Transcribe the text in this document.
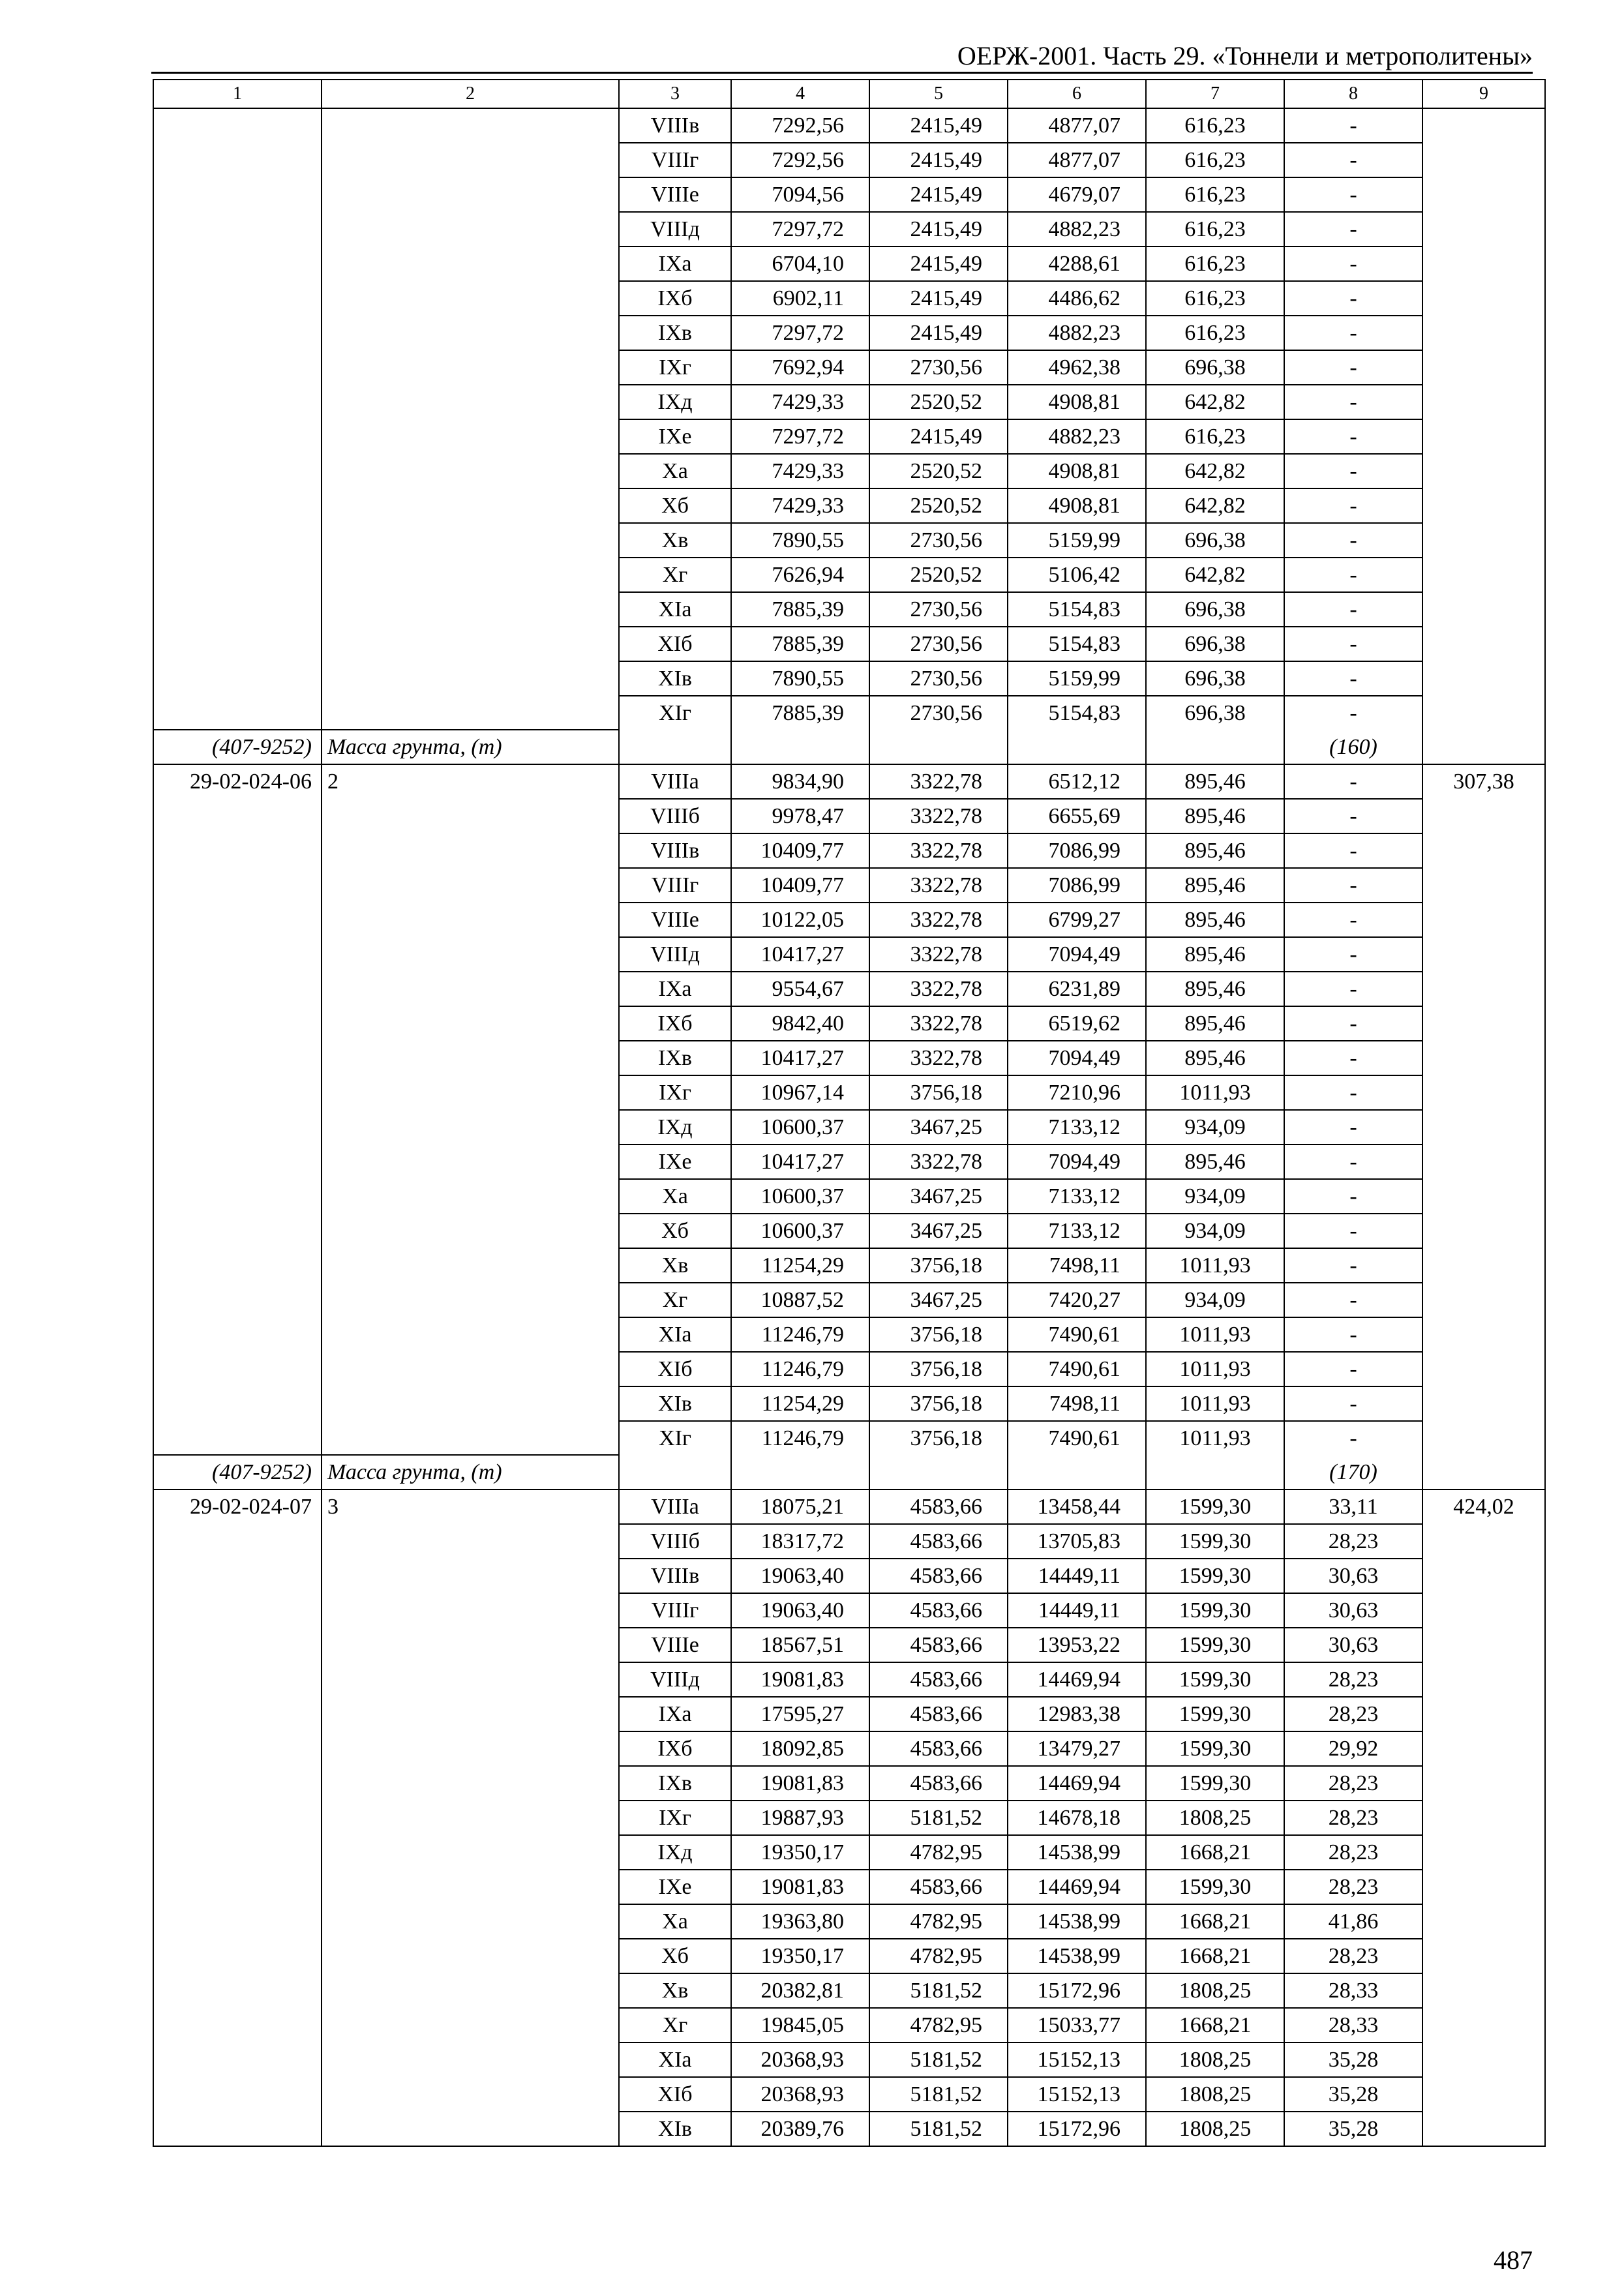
ОЕРЖ-2001. Часть 29. «Тоннели и метрополитены»
1	2	3	4	5	6	7	8	9
		VIIIв	7292,56	2415,49	4877,07	616,23	-	
		VIIIг	7292,56	2415,49	4877,07	616,23	-	
		VIIIе	7094,56	2415,49	4679,07	616,23	-	
		VIIIд	7297,72	2415,49	4882,23	616,23	-	
		IXа	6704,10	2415,49	4288,61	616,23	-	
		IXб	6902,11	2415,49	4486,62	616,23	-	
		IXв	7297,72	2415,49	4882,23	616,23	-	
		IXг	7692,94	2730,56	4962,38	696,38	-	
		IXд	7429,33	2520,52	4908,81	642,82	-	
		IXе	7297,72	2415,49	4882,23	616,23	-	
		Xа	7429,33	2520,52	4908,81	642,82	-	
		Xб	7429,33	2520,52	4908,81	642,82	-	
		Xв	7890,55	2730,56	5159,99	696,38	-	
		Xг	7626,94	2520,52	5106,42	642,82	-	
		XIа	7885,39	2730,56	5154,83	696,38	-	
		XIб	7885,39	2730,56	5154,83	696,38	-	
		XIв	7890,55	2730,56	5159,99	696,38	-	
		XIг	7885,39	2730,56	5154,83	696,38	-	
(407-9252)	Масса грунта, (т)						(160)	
29-02-024-06	2	VIIIа	9834,90	3322,78	6512,12	895,46	-	307,38
		VIIIб	9978,47	3322,78	6655,69	895,46	-	
		VIIIв	10409,77	3322,78	7086,99	895,46	-	
		VIIIг	10409,77	3322,78	7086,99	895,46	-	
		VIIIе	10122,05	3322,78	6799,27	895,46	-	
		VIIIд	10417,27	3322,78	7094,49	895,46	-	
		IXа	9554,67	3322,78	6231,89	895,46	-	
		IXб	9842,40	3322,78	6519,62	895,46	-	
		IXв	10417,27	3322,78	7094,49	895,46	-	
		IXг	10967,14	3756,18	7210,96	1011,93	-	
		IXд	10600,37	3467,25	7133,12	934,09	-	
		IXе	10417,27	3322,78	7094,49	895,46	-	
		Xа	10600,37	3467,25	7133,12	934,09	-	
		Xб	10600,37	3467,25	7133,12	934,09	-	
		Xв	11254,29	3756,18	7498,11	1011,93	-	
		Xг	10887,52	3467,25	7420,27	934,09	-	
		XIа	11246,79	3756,18	7490,61	1011,93	-	
		XIб	11246,79	3756,18	7490,61	1011,93	-	
		XIв	11254,29	3756,18	7498,11	1011,93	-	
		XIг	11246,79	3756,18	7490,61	1011,93	-	
(407-9252)	Масса грунта, (т)						(170)	
29-02-024-07	3	VIIIа	18075,21	4583,66	13458,44	1599,30	33,11	424,02
		VIIIб	18317,72	4583,66	13705,83	1599,30	28,23	
		VIIIв	19063,40	4583,66	14449,11	1599,30	30,63	
		VIIIг	19063,40	4583,66	14449,11	1599,30	30,63	
		VIIIе	18567,51	4583,66	13953,22	1599,30	30,63	
		VIIIд	19081,83	4583,66	14469,94	1599,30	28,23	
		IXа	17595,27	4583,66	12983,38	1599,30	28,23	
		IXб	18092,85	4583,66	13479,27	1599,30	29,92	
		IXв	19081,83	4583,66	14469,94	1599,30	28,23	
		IXг	19887,93	5181,52	14678,18	1808,25	28,23	
		IXд	19350,17	4782,95	14538,99	1668,21	28,23	
		IXе	19081,83	4583,66	14469,94	1599,30	28,23	
		Xа	19363,80	4782,95	14538,99	1668,21	41,86	
		Xб	19350,17	4782,95	14538,99	1668,21	28,23	
		Xв	20382,81	5181,52	15172,96	1808,25	28,33	
		Xг	19845,05	4782,95	15033,77	1668,21	28,33	
		XIа	20368,93	5181,52	15152,13	1808,25	35,28	
		XIб	20368,93	5181,52	15152,13	1808,25	35,28	
		XIв	20389,76	5181,52	15172,96	1808,25	35,28	
487
